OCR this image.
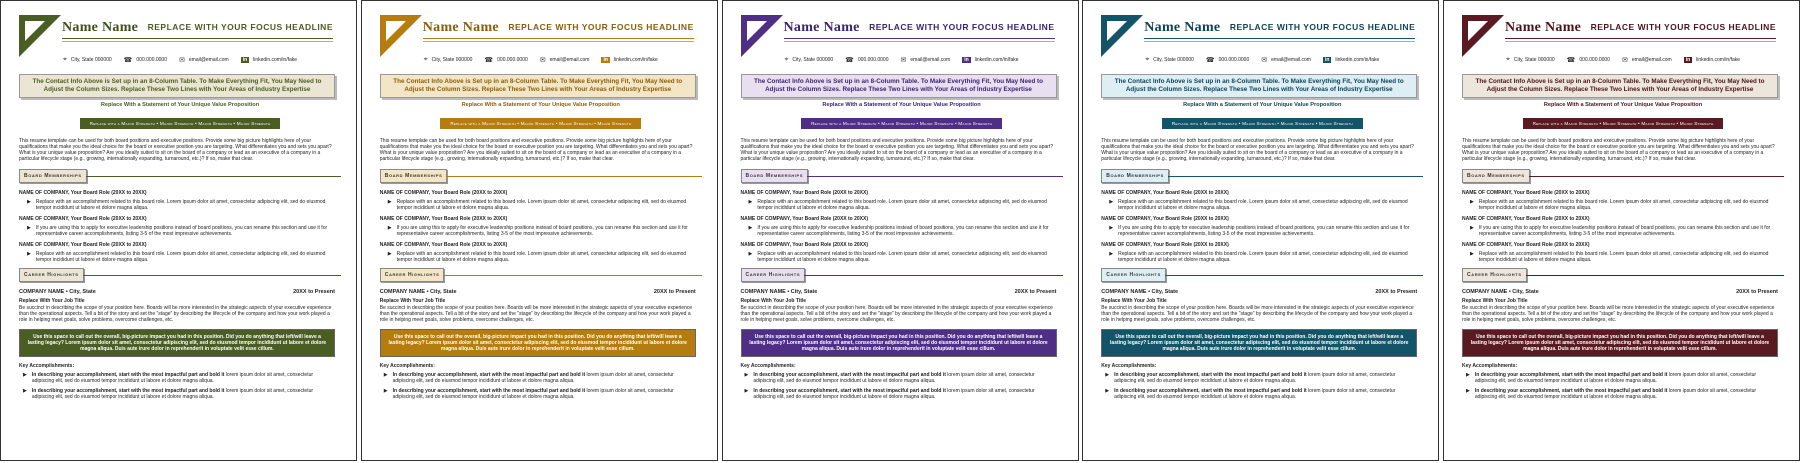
Name Name REPLACE WITH YOUR FOCUS HEADLINE
⌖ City, State 000000 ☎ 000.000.0000 ✉ email@email.com	in	linkedin.com/in/fake
The Contact Info Above is Set up in an 8-Column Table. To Make Everything Fit, You May Need to Adjust the Column Sizes. Replace These Two Lines with Your Areas of Industry Expertise
Replace With a Statement of Your Unique Value Proposition
Replace with a Major Strength • Major Strength • Major Strength • Major Strength
This resume template can be used for both board positions and executive positions. Provide some big picture highlights here of your qualifications that make you the ideal choice for the board or executive position you are targeting. What differentiates you and sets you apart? What is your unique value proposition? Are you ideally suited to sit on the board of a company or lead as an executive of a company in a particular lifecycle stage (e.g., growing, internationally expanding, turnaround, etc.)? If so, make that clear.
Board Memberships
NAME OF COMPANY, Your Board Role (20XX to 20XX)
▶ Replace with an accomplishment related to this board role. Lorem ipsum dolor sit amet, consectetur adipiscing elit, sed do eiusmod tempor incididunt ut labore et dolore magna aliqua.
NAME OF COMPANY, Your Board Role (20XX to 20XX)
▶ If you are using this to apply for executive leadership positions instead of board positions, you can rename this section and use it for representative career accomplishments, listing 3-5 of the most impressive achievements.
NAME OF COMPANY, Your Board Role (20XX to 20XX)
▶ Replace with an accomplishment related to this board role. Lorem ipsum dolor sit amet, consectetur adipiscing elit, sed do eiusmod tempor incididunt ut labore et dolore magna aliqua.
Career Highlights
COMPANY NAME • City, State	20XX to Present
Replace With Your Job Title
Be succinct in describing the scope of your position here. Boards will be more interested in the strategic aspects of your executive experience than the operational aspects. Tell a bit of the story and set the "stage" by describing the lifecycle of the company and how your work played a role in helping meet goals, solve problems, overcome challenges, etc.
Use this space to call out the overall, big-picture impact you had in this position. Did you do anything that left/will leave a lasting legacy? Lorem ipsum dolor sit amet, consectetur adipiscing elit, sed do eiusmod tempor incididunt ut labore et dolore magna aliqua. Duis aute irure dolor in reprehenderit in voluptate velit esse cillum.
Key Accomplishments:
▶ In describing your accomplishment, start with the most impactful part and bold it lorem ipsum dolor sit amet, consectetur adipiscing elit, sed do eiusmod tempor incididunt ut labore et dolore magna aliqua.
▶ In describing your accomplishment, start with the most impactful part and bold it lorem ipsum dolor sit amet, consectetur adipiscing elit, sed do eiusmod tempor incididunt ut labore et dolore magna aliqua.
Name Name REPLACE WITH YOUR FOCUS HEADLINE
⌖ City, State 000000 ☎ 000.000.0000 ✉ email@email.com	in	linkedin.com/in/fake
The Contact Info Above is Set up in an 8-Column Table. To Make Everything Fit, You May Need to Adjust the Column Sizes. Replace These Two Lines with Your Areas of Industry Expertise
Replace With a Statement of Your Unique Value Proposition
Replace with a Major Strength • Major Strength • Major Strength • Major Strength
This resume template can be used for both board positions and executive positions. Provide some big picture highlights here of your qualifications that make you the ideal choice for the board or executive position you are targeting. What differentiates you and sets you apart? What is your unique value proposition? Are you ideally suited to sit on the board of a company or lead as an executive of a company in a particular lifecycle stage (e.g., growing, internationally expanding, turnaround, etc.)? If so, make that clear.
Board Memberships
NAME OF COMPANY, Your Board Role (20XX to 20XX)
▶ Replace with an accomplishment related to this board role. Lorem ipsum dolor sit amet, consectetur adipiscing elit, sed do eiusmod tempor incididunt ut labore et dolore magna aliqua.
NAME OF COMPANY, Your Board Role (20XX to 20XX)
▶ If you are using this to apply for executive leadership positions instead of board positions, you can rename this section and use it for representative career accomplishments, listing 3-5 of the most impressive achievements.
NAME OF COMPANY, Your Board Role (20XX to 20XX)
▶ Replace with an accomplishment related to this board role. Lorem ipsum dolor sit amet, consectetur adipiscing elit, sed do eiusmod tempor incididunt ut labore et dolore magna aliqua.
Career Highlights
COMPANY NAME • City, State	20XX to Present
Replace With Your Job Title
Be succinct in describing the scope of your position here. Boards will be more interested in the strategic aspects of your executive experience than the operational aspects. Tell a bit of the story and set the "stage" by describing the lifecycle of the company and how your work played a role in helping meet goals, solve problems, overcome challenges, etc.
Use this space to call out the overall, big-picture impact you had in this position. Did you do anything that left/will leave a lasting legacy? Lorem ipsum dolor sit amet, consectetur adipiscing elit, sed do eiusmod tempor incididunt ut labore et dolore magna aliqua. Duis aute irure dolor in reprehenderit in voluptate velit esse cillum.
Key Accomplishments:
▶ In describing your accomplishment, start with the most impactful part and bold it lorem ipsum dolor sit amet, consectetur adipiscing elit, sed do eiusmod tempor incididunt ut labore et dolore magna aliqua.
▶ In describing your accomplishment, start with the most impactful part and bold it lorem ipsum dolor sit amet, consectetur adipiscing elit, sed do eiusmod tempor incididunt ut labore et dolore magna aliqua.
Name Name REPLACE WITH YOUR FOCUS HEADLINE
⌖ City, State 000000 ☎ 000.000.0000 ✉ email@email.com	in	linkedin.com/in/fake
The Contact Info Above is Set up in an 8-Column Table. To Make Everything Fit, You May Need to Adjust the Column Sizes. Replace These Two Lines with Your Areas of Industry Expertise
Replace With a Statement of Your Unique Value Proposition
Replace with a Major Strength • Major Strength • Major Strength • Major Strength
This resume template can be used for both board positions and executive positions. Provide some big picture highlights here of your qualifications that make you the ideal choice for the board or executive position you are targeting. What differentiates you and sets you apart? What is your unique value proposition? Are you ideally suited to sit on the board of a company or lead as an executive of a company in a particular lifecycle stage (e.g., growing, internationally expanding, turnaround, etc.)? If so, make that clear.
Board Memberships
NAME OF COMPANY, Your Board Role (20XX to 20XX)
▶ Replace with an accomplishment related to this board role. Lorem ipsum dolor sit amet, consectetur adipiscing elit, sed do eiusmod tempor incididunt ut labore et dolore magna aliqua.
NAME OF COMPANY, Your Board Role (20XX to 20XX)
▶ If you are using this to apply for executive leadership positions instead of board positions, you can rename this section and use it for representative career accomplishments, listing 3-5 of the most impressive achievements.
NAME OF COMPANY, Your Board Role (20XX to 20XX)
▶ Replace with an accomplishment related to this board role. Lorem ipsum dolor sit amet, consectetur adipiscing elit, sed do eiusmod tempor incididunt ut labore et dolore magna aliqua.
Career Highlights
COMPANY NAME • City, State	20XX to Present
Replace With Your Job Title
Be succinct in describing the scope of your position here. Boards will be more interested in the strategic aspects of your executive experience than the operational aspects. Tell a bit of the story and set the "stage" by describing the lifecycle of the company and how your work played a role in helping meet goals, solve problems, overcome challenges, etc.
Use this space to call out the overall, big-picture impact you had in this position. Did you do anything that left/will leave a lasting legacy? Lorem ipsum dolor sit amet, consectetur adipiscing elit, sed do eiusmod tempor incididunt ut labore et dolore magna aliqua. Duis aute irure dolor in reprehenderit in voluptate velit esse cillum.
Key Accomplishments:
▶ In describing your accomplishment, start with the most impactful part and bold it lorem ipsum dolor sit amet, consectetur adipiscing elit, sed do eiusmod tempor incididunt ut labore et dolore magna aliqua.
▶ In describing your accomplishment, start with the most impactful part and bold it lorem ipsum dolor sit amet, consectetur adipiscing elit, sed do eiusmod tempor incididunt ut labore et dolore magna aliqua.
Name Name REPLACE WITH YOUR FOCUS HEADLINE
⌖ City, State 000000 ☎ 000.000.0000 ✉ email@email.com	in	linkedin.com/in/fake
The Contact Info Above is Set up in an 8-Column Table. To Make Everything Fit, You May Need to Adjust the Column Sizes. Replace These Two Lines with Your Areas of Industry Expertise
Replace With a Statement of Your Unique Value Proposition
Replace with a Major Strength • Major Strength • Major Strength • Major Strength
This resume template can be used for both board positions and executive positions. Provide some big picture highlights here of your qualifications that make you the ideal choice for the board or executive position you are targeting. What differentiates you and sets you apart? What is your unique value proposition? Are you ideally suited to sit on the board of a company or lead as an executive of a company in a particular lifecycle stage (e.g., growing, internationally expanding, turnaround, etc.)? If so, make that clear.
Board Memberships
NAME OF COMPANY, Your Board Role (20XX to 20XX)
▶ Replace with an accomplishment related to this board role. Lorem ipsum dolor sit amet, consectetur adipiscing elit, sed do eiusmod tempor incididunt ut labore et dolore magna aliqua.
NAME OF COMPANY, Your Board Role (20XX to 20XX)
▶ If you are using this to apply for executive leadership positions instead of board positions, you can rename this section and use it for representative career accomplishments, listing 3-5 of the most impressive achievements.
NAME OF COMPANY, Your Board Role (20XX to 20XX)
▶ Replace with an accomplishment related to this board role. Lorem ipsum dolor sit amet, consectetur adipiscing elit, sed do eiusmod tempor incididunt ut labore et dolore magna aliqua.
Career Highlights
COMPANY NAME • City, State	20XX to Present
Replace With Your Job Title
Be succinct in describing the scope of your position here. Boards will be more interested in the strategic aspects of your executive experience than the operational aspects. Tell a bit of the story and set the "stage" by describing the lifecycle of the company and how your work played a role in helping meet goals, solve problems, overcome challenges, etc.
Use this space to call out the overall, big-picture impact you had in this position. Did you do anything that left/will leave a lasting legacy? Lorem ipsum dolor sit amet, consectetur adipiscing elit, sed do eiusmod tempor incididunt ut labore et dolore magna aliqua. Duis aute irure dolor in reprehenderit in voluptate velit esse cillum.
Key Accomplishments:
▶ In describing your accomplishment, start with the most impactful part and bold it lorem ipsum dolor sit amet, consectetur adipiscing elit, sed do eiusmod tempor incididunt ut labore et dolore magna aliqua.
▶ In describing your accomplishment, start with the most impactful part and bold it lorem ipsum dolor sit amet, consectetur adipiscing elit, sed do eiusmod tempor incididunt ut labore et dolore magna aliqua.
Name Name REPLACE WITH YOUR FOCUS HEADLINE
⌖ City, State 000000 ☎ 000.000.0000 ✉ email@email.com	in	linkedin.com/in/fake
The Contact Info Above is Set up in an 8-Column Table. To Make Everything Fit, You May Need to Adjust the Column Sizes. Replace These Two Lines with Your Areas of Industry Expertise
Replace With a Statement of Your Unique Value Proposition
Replace with a Major Strength • Major Strength • Major Strength • Major Strength
This resume template can be used for both board positions and executive positions. Provide some big picture highlights here of your qualifications that make you the ideal choice for the board or executive position you are targeting. What differentiates you and sets you apart? What is your unique value proposition? Are you ideally suited to sit on the board of a company or lead as an executive of a company in a particular lifecycle stage (e.g., growing, internationally expanding, turnaround, etc.)? If so, make that clear.
Board Memberships
NAME OF COMPANY, Your Board Role (20XX to 20XX)
▶ Replace with an accomplishment related to this board role. Lorem ipsum dolor sit amet, consectetur adipiscing elit, sed do eiusmod tempor incididunt ut labore et dolore magna aliqua.
NAME OF COMPANY, Your Board Role (20XX to 20XX)
▶ If you are using this to apply for executive leadership positions instead of board positions, you can rename this section and use it for representative career accomplishments, listing 3-5 of the most impressive achievements.
NAME OF COMPANY, Your Board Role (20XX to 20XX)
▶ Replace with an accomplishment related to this board role. Lorem ipsum dolor sit amet, consectetur adipiscing elit, sed do eiusmod tempor incididunt ut labore et dolore magna aliqua.
Career Highlights
COMPANY NAME • City, State	20XX to Present
Replace With Your Job Title
Be succinct in describing the scope of your position here. Boards will be more interested in the strategic aspects of your executive experience than the operational aspects. Tell a bit of the story and set the "stage" by describing the lifecycle of the company and how your work played a role in helping meet goals, solve problems, overcome challenges, etc.
Use this space to call out the overall, big-picture impact you had in this position. Did you do anything that left/will leave a lasting legacy? Lorem ipsum dolor sit amet, consectetur adipiscing elit, sed do eiusmod tempor incididunt ut labore et dolore magna aliqua. Duis aute irure dolor in reprehenderit in voluptate velit esse cillum.
Key Accomplishments:
▶ In describing your accomplishment, start with the most impactful part and bold it lorem ipsum dolor sit amet, consectetur adipiscing elit, sed do eiusmod tempor incididunt ut labore et dolore magna aliqua.
▶ In describing your accomplishment, start with the most impactful part and bold it lorem ipsum dolor sit amet, consectetur adipiscing elit, sed do eiusmod tempor incididunt ut labore et dolore magna aliqua.
